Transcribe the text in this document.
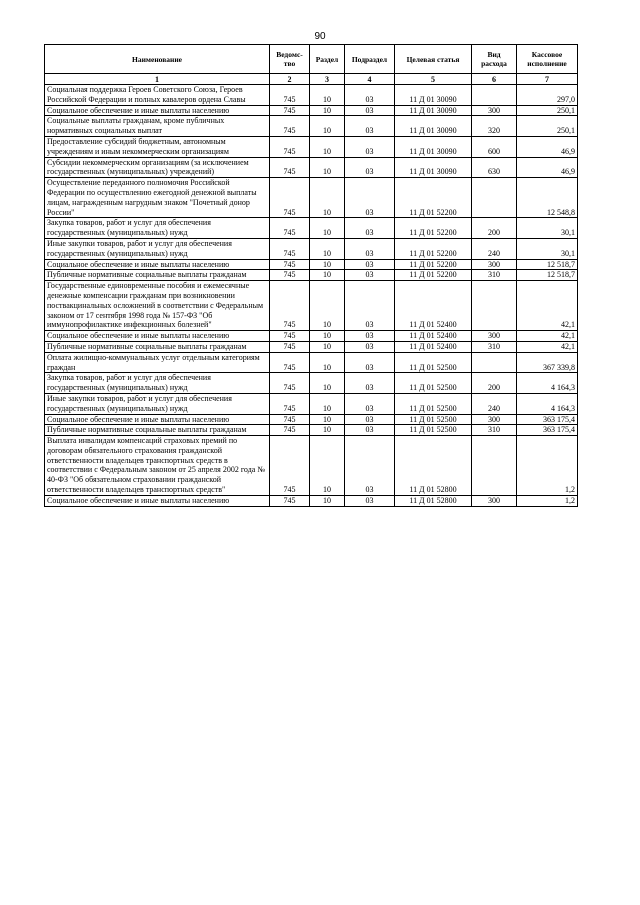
90
Наименование	Ведомс-тво	Раздел	Подраздел	Целевая статья	Вид расхода	Кассовое исполнение
1	2	3	4	5	6	7
Социальная поддержка Героев Советского Союза, Героев Российской Федерации и полных кавалеров ордена Славы	745	10	03	11 Д 01 30090		297,0
Социальное обеспечение и иные выплаты населению	745	10	03	11 Д 01 30090	300	250,1
Социальные выплаты гражданам, кроме публичных нормативных социальных выплат	745	10	03	11 Д 01 30090	320	250,1
Предоставление субсидий бюджетным, автономным учреждениям и иным некоммерческим организациям	745	10	03	11 Д 01 30090	600	46,9
Субсидии некоммерческим организациям (за исключением государственных (муниципальных) учреждений)	745	10	03	11 Д 01 30090	630	46,9
Осуществление переданного полномочия Российской Федерации по осуществлению ежегодной денежной выплаты лицам, награжденным нагрудным знаком "Почетный донор России"	745	10	03	11 Д 01 52200		12 548,8
Закупка товаров, работ и услуг для обеспечения государственных (муниципальных) нужд	745	10	03	11 Д 01 52200	200	30,1
Иные закупки товаров, работ и услуг для обеспечения государственных (муниципальных) нужд	745	10	03	11 Д 01 52200	240	30,1
Социальное обеспечение и иные выплаты населению	745	10	03	11 Д 01 52200	300	12 518,7
Публичные нормативные социальные выплаты гражданам	745	10	03	11 Д 01 52200	310	12 518,7
Государственные единовременные пособия и ежемесячные денежные компенсации гражданам при возникновении поствакцинальных осложнений в соответствии с Федеральным законом от 17 сентября 1998 года № 157-ФЗ "Об иммунопрофилактике инфекционных болезней"	745	10	03	11 Д 01 52400		42,1
Социальное обеспечение и иные выплаты населению	745	10	03	11 Д 01 52400	300	42,1
Публичные нормативные социальные выплаты гражданам	745	10	03	11 Д 01 52400	310	42,1
Оплата жилищно-коммунальных услуг отдельным категориям граждан	745	10	03	11 Д 01 52500		367 339,8
Закупка товаров, работ и услуг для обеспечения государственных (муниципальных) нужд	745	10	03	11 Д 01 52500	200	4 164,3
Иные закупки товаров, работ и услуг для обеспечения государственных (муниципальных) нужд	745	10	03	11 Д 01 52500	240	4 164,3
Социальное обеспечение и иные выплаты населению	745	10	03	11 Д 01 52500	300	363 175,4
Публичные нормативные социальные выплаты гражданам	745	10	03	11 Д 01 52500	310	363 175,4
Выплата инвалидам компенсаций страховых премий по договорам обязательного страхования гражданской ответственности владельцев транспортных средств в соответствии с Федеральным законом от 25 апреля 2002 года № 40-ФЗ "Об обязательном страховании гражданской ответственности владельцев транспортных средств"	745	10	03	11 Д 01 52800		1,2
Социальное обеспечение и иные выплаты населению	745	10	03	11 Д 01 52800	300	1,2
